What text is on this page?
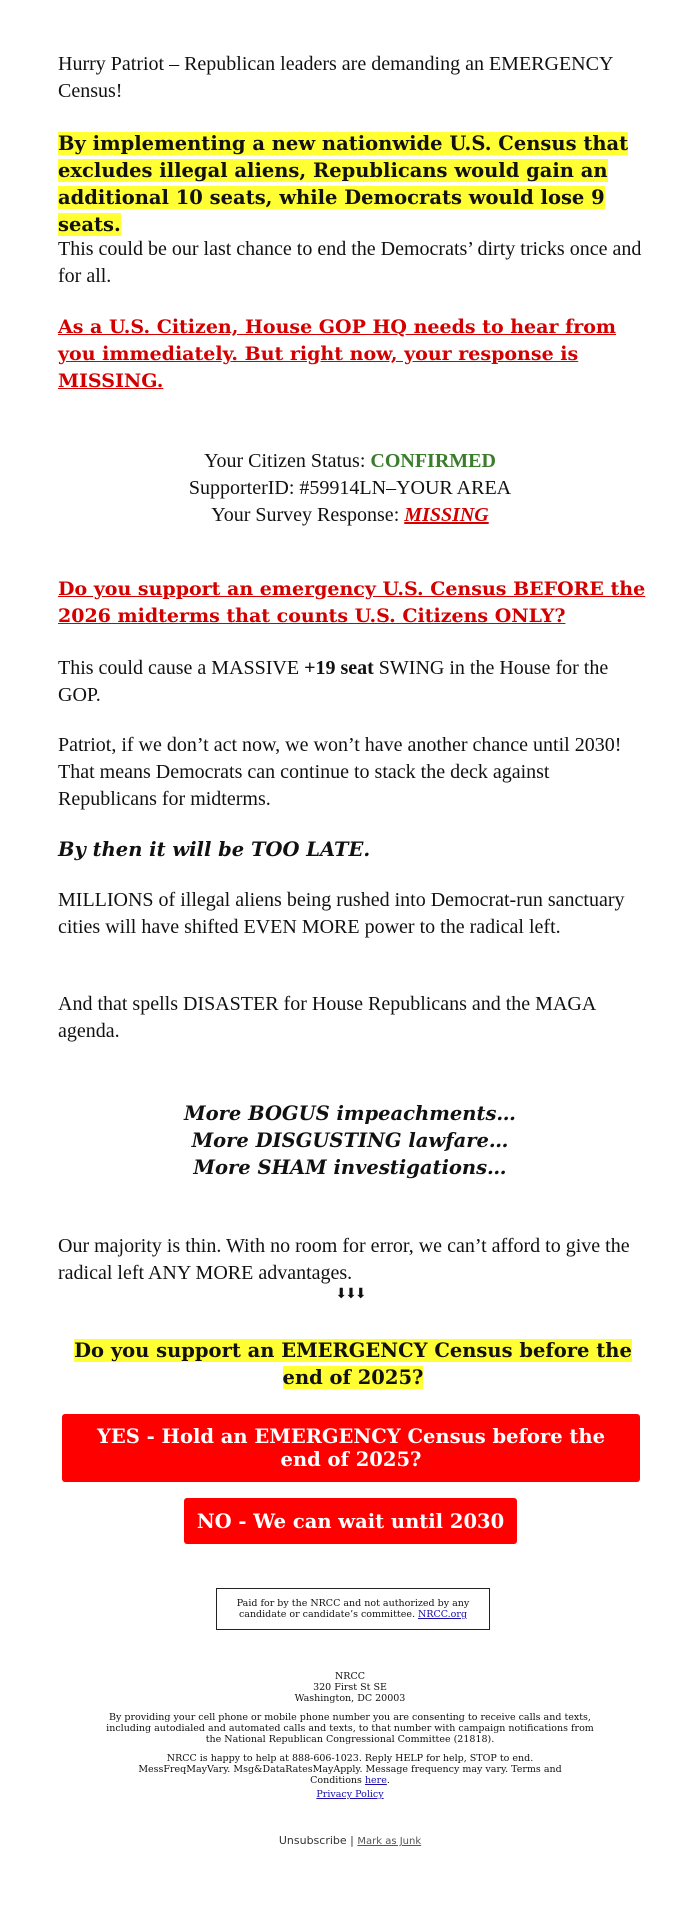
Hurry Patriot – Republican leaders are demanding an EMERGENCY Census!

By implementing a new nationwide U.S. Census that excludes illegal aliens, Republicans would gain an additional 10 seats, while Democrats would lose 9 seats.

This could be our last chance to end the Democrats’ dirty tricks once and for all.

As a U.S. Citizen, House GOP HQ needs to hear from you immediately. But right now, your response is MISSING.

Your Citizen Status: CONFIRMED
SupporterID: #59914LN–YOUR AREA
Your Survey Response: MISSING

Do you support an emergency U.S. Census BEFORE the 2026 midterms that counts U.S. Citizens ONLY?

This could cause a MASSIVE +19 seat SWING in the House for the GOP.

Patriot, if we don’t act now, we won’t have another chance until 2030! That means Democrats can continue to stack the deck against Republicans for midterms.

By then it will be TOO LATE.

MILLIONS of illegal aliens being rushed into Democrat-run sanctuary cities will have shifted EVEN MORE power to the radical left.

And that spells DISASTER for House Republicans and the MAGA agenda.

More BOGUS impeachments…
More DISGUSTING lawfare…
More SHAM investigations…

Our majority is thin. With no room for error, we can’t afford to give the radical left ANY MORE advantages.

⬇⬇⬇
Do you support an EMERGENCY Census before the end of 2025?
YES - Hold an EMERGENCY Census before the end of 2025?
NO - We can wait until 2030
Paid for by the NRCC and not authorized by any candidate or candidate’s committee. NRCC.org
NRCC
320 First St SE
Washington, DC 20003
By providing your cell phone or mobile phone number you are consenting to receive calls and texts, including autodialed and automated calls and texts, to that number with campaign notifications from the National Republican Congressional Committee (21818).
NRCC is happy to help at 888-606-1023. Reply HELP for help, STOP to end. MessFreqMayVary. Msg&DataRatesMayApply. Message frequency may vary. Terms and Conditions here.
Privacy Policy
Unsubscribe | Mark as Junk
